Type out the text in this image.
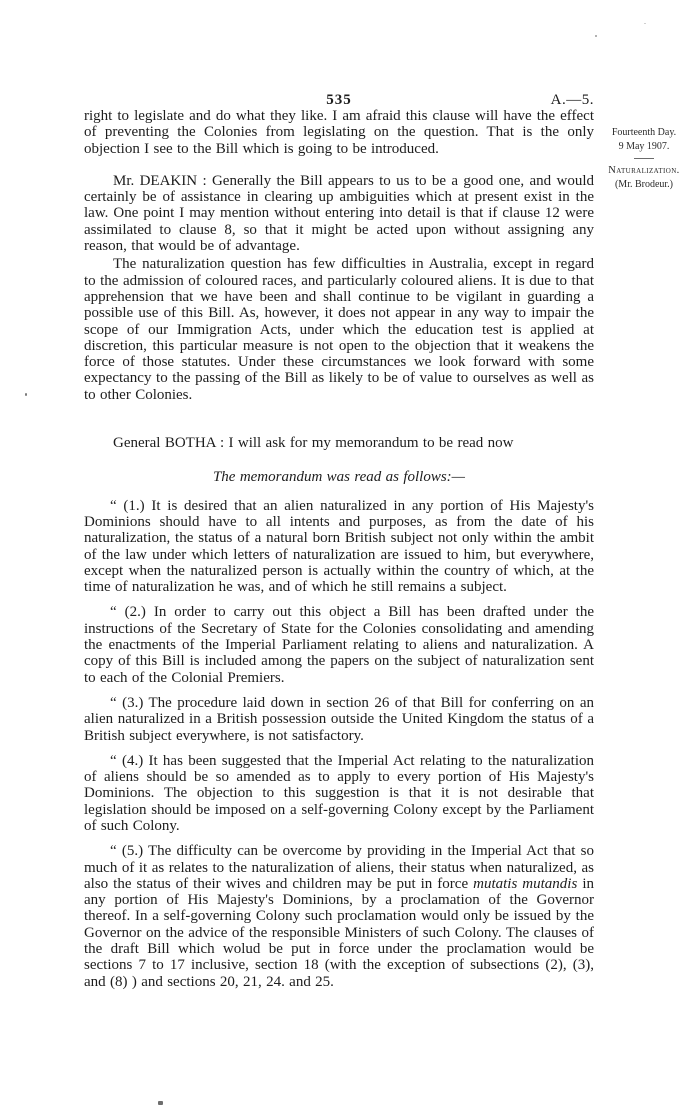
535	A.—5.
Fourteenth Day.
9 May 1907.
Naturalization.
(Mr. Brodeur.)

right to legislate and do what they like. I am afraid this clause will have the effect of preventing the Colonies from legislating on the question. That is the only objection I see to the Bill which is going to be introduced.

Mr. DEAKIN : Generally the Bill appears to us to be a good one, and would certainly be of assistance in clearing up ambiguities which at present exist in the law. One point I may mention without entering into detail is that if clause 12 were assimilated to clause 8, so that it might be acted upon without assigning any reason, that would be of advantage.

The naturalization question has few difficulties in Australia, except in regard to the admission of coloured races, and particularly coloured aliens. It is due to that apprehension that we have been and shall continue to be vigilant in guarding a possible use of this Bill. As, however, it does not appear in any way to impair the scope of our Immigration Acts, under which the education test is applied at discretion, this particular measure is not open to the objection that it weakens the force of those statutes. Under these circumstances we look forward with some expectancy to the passing of the Bill as likely to be of value to ourselves as well as to other Colonies.

General BOTHA : I will ask for my memorandum to be read now

The memorandum was read as follows:—

“ (1.) It is desired that an alien naturalized in any portion of His Majesty's Dominions should have to all intents and purposes, as from the date of his naturalization, the status of a natural born British subject not only within the ambit of the law under which letters of naturalization are issued to him, but everywhere, except when the naturalized person is actually within the country of which, at the time of naturalization he was, and of which he still remains a subject.

“ (2.) In order to carry out this object a Bill has been drafted under the instructions of the Secretary of State for the Colonies consolidating and amending the enactments of the Imperial Parliament relating to aliens and naturalization. A copy of this Bill is included among the papers on the subject of naturalization sent to each of the Colonial Premiers.

“ (3.) The procedure laid down in section 26 of that Bill for conferring on an alien naturalized in a British possession outside the United Kingdom the status of a British subject everywhere, is not satisfactory.

“ (4.) It has been suggested that the Imperial Act relating to the naturalization of aliens should be so amended as to apply to every portion of His Majesty's Dominions. The objection to this suggestion is that it is not desirable that legislation should be imposed on a self-governing Colony except by the Parliament of such Colony.

“ (5.) The difficulty can be overcome by providing in the Imperial Act that so much of it as relates to the naturalization of aliens, their status when naturalized, as also the status of their wives and children may be put in force mutatis mutandis in any portion of His Majesty's Dominions, by a proclamation of the Governor thereof. In a self-governing Colony such proclamation would only be issued by the Governor on the advice of the responsible Ministers of such Colony. The clauses of the draft Bill which wolud be put in force under the proclamation would be sections 7 to 17 inclusive, section 18 (with the exception of subsections (2), (3), and (8) ) and sections 20, 21, 24. and 25.
